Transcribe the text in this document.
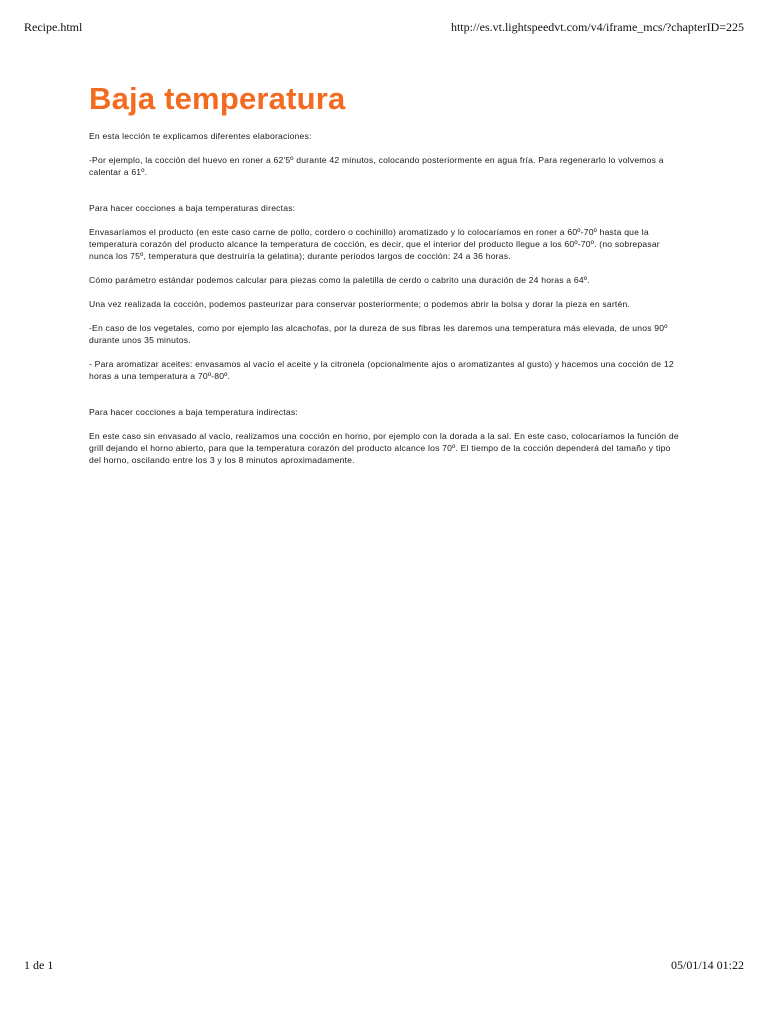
Recipe.html	http://es.vt.lightspeedvt.com/v4/iframe_mcs/?chapterID=225
Baja temperatura

En esta lección te explicamos diferentes elaboraciones:

-Por ejemplo, la cocción del huevo en roner a 62'5º durante 42 minutos, colocando posteriormente en agua fría. Para regenerarlo lo volvemos a calentar a 61º.

Para hacer cocciones a baja temperaturas directas:

Envasaríamos el producto (en este caso carne de pollo, cordero o cochinillo) aromatizado y lo colocaríamos en roner a 60º-70º hasta que la temperatura corazón del producto alcance la temperatura de cocción, es decir, que el interior del producto llegue a los 60º-70º. (no sobrepasar nunca los 75º, temperatura que destruiría la gelatina); durante periodos largos de cocción: 24 a 36 horas.

Cómo parámetro estándar podemos calcular para piezas como la paletilla de cerdo o cabrito una duración de 24 horas a 64º.

Una vez realizada la cocción, podemos pasteurizar para conservar posteriormente; o podemos abrir la bolsa y dorar la pieza en sartén.

-En caso de los vegetales, como por ejemplo las alcachofas, por la dureza de sus fibras les daremos una temperatura más elevada, de unos 90º durante unos 35 minutos.

- Para aromatizar aceites: envasamos al vacío el aceite y la citronela (opcionalmente ajos o aromatizantes al gusto) y hacemos una cocción de 12 horas a una temperatura a 70º-80º.

Para hacer cocciones a baja temperatura indirectas:

En este caso sin envasado al vacío, realizamos una cocción en horno, por ejemplo con la dorada a la sal. En este caso, colocaríamos la función de grill dejando el horno abierto, para que la temperatura corazón del producto alcance los 70º. El tiempo de la cocción dependerá del tamaño y tipo del horno, oscilando entre los 3 y los 8 minutos aproximadamente.

1 de 1	05/01/14 01:22
